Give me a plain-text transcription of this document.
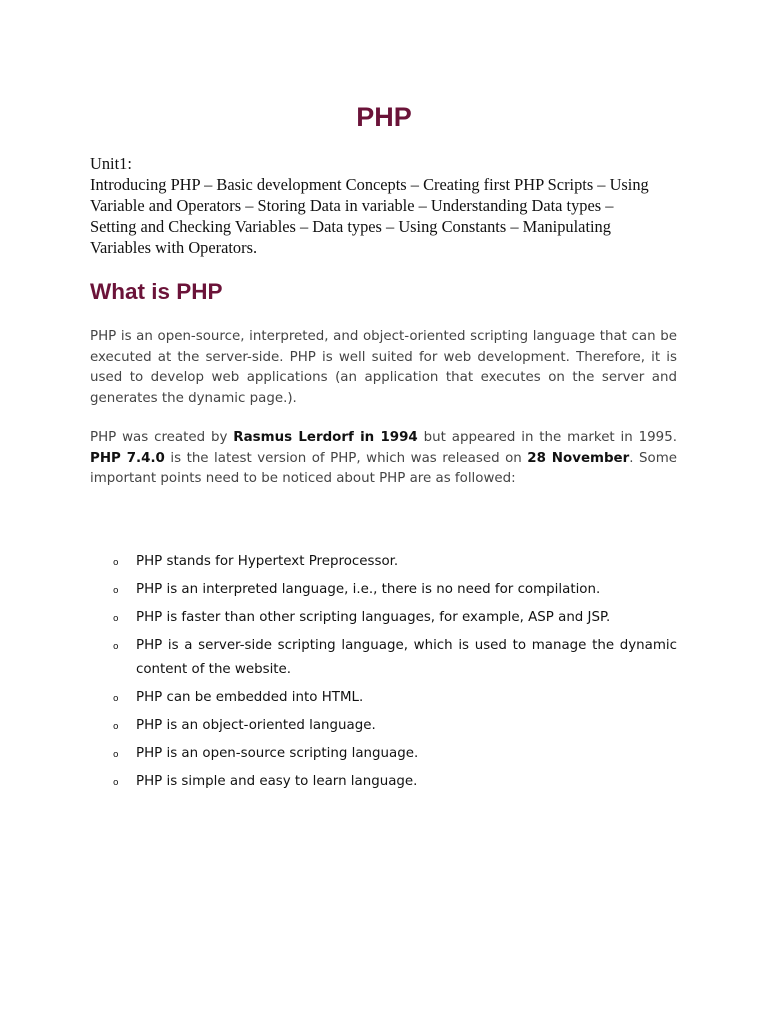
PHP

Unit1:

Introducing PHP – Basic development Concepts – Creating first PHP Scripts – Using Variable and Operators – Storing Data in variable – Understanding Data types – Setting and Checking Variables – Data types – Using Constants – Manipulating Variables with Operators.

What is PHP

PHP is an open-source, interpreted, and object-oriented scripting language that can be executed at the server-side. PHP is well suited for web development. Therefore, it is used to develop web applications (an application that executes on the server and generates the dynamic page.).

PHP was created by Rasmus Lerdorf in 1994 but appeared in the market in 1995. PHP 7.4.0 is the latest version of PHP, which was released on 28 November. Some important points need to be noticed about PHP are as followed:

o PHP stands for Hypertext Preprocessor.
o PHP is an interpreted language, i.e., there is no need for compilation.
o PHP is faster than other scripting languages, for example, ASP and JSP.
o PHP is a server-side scripting language, which is used to manage the dynamic content of the website.
o PHP can be embedded into HTML.
o PHP is an object-oriented language.
o PHP is an open-source scripting language.
o PHP is simple and easy to learn language.
